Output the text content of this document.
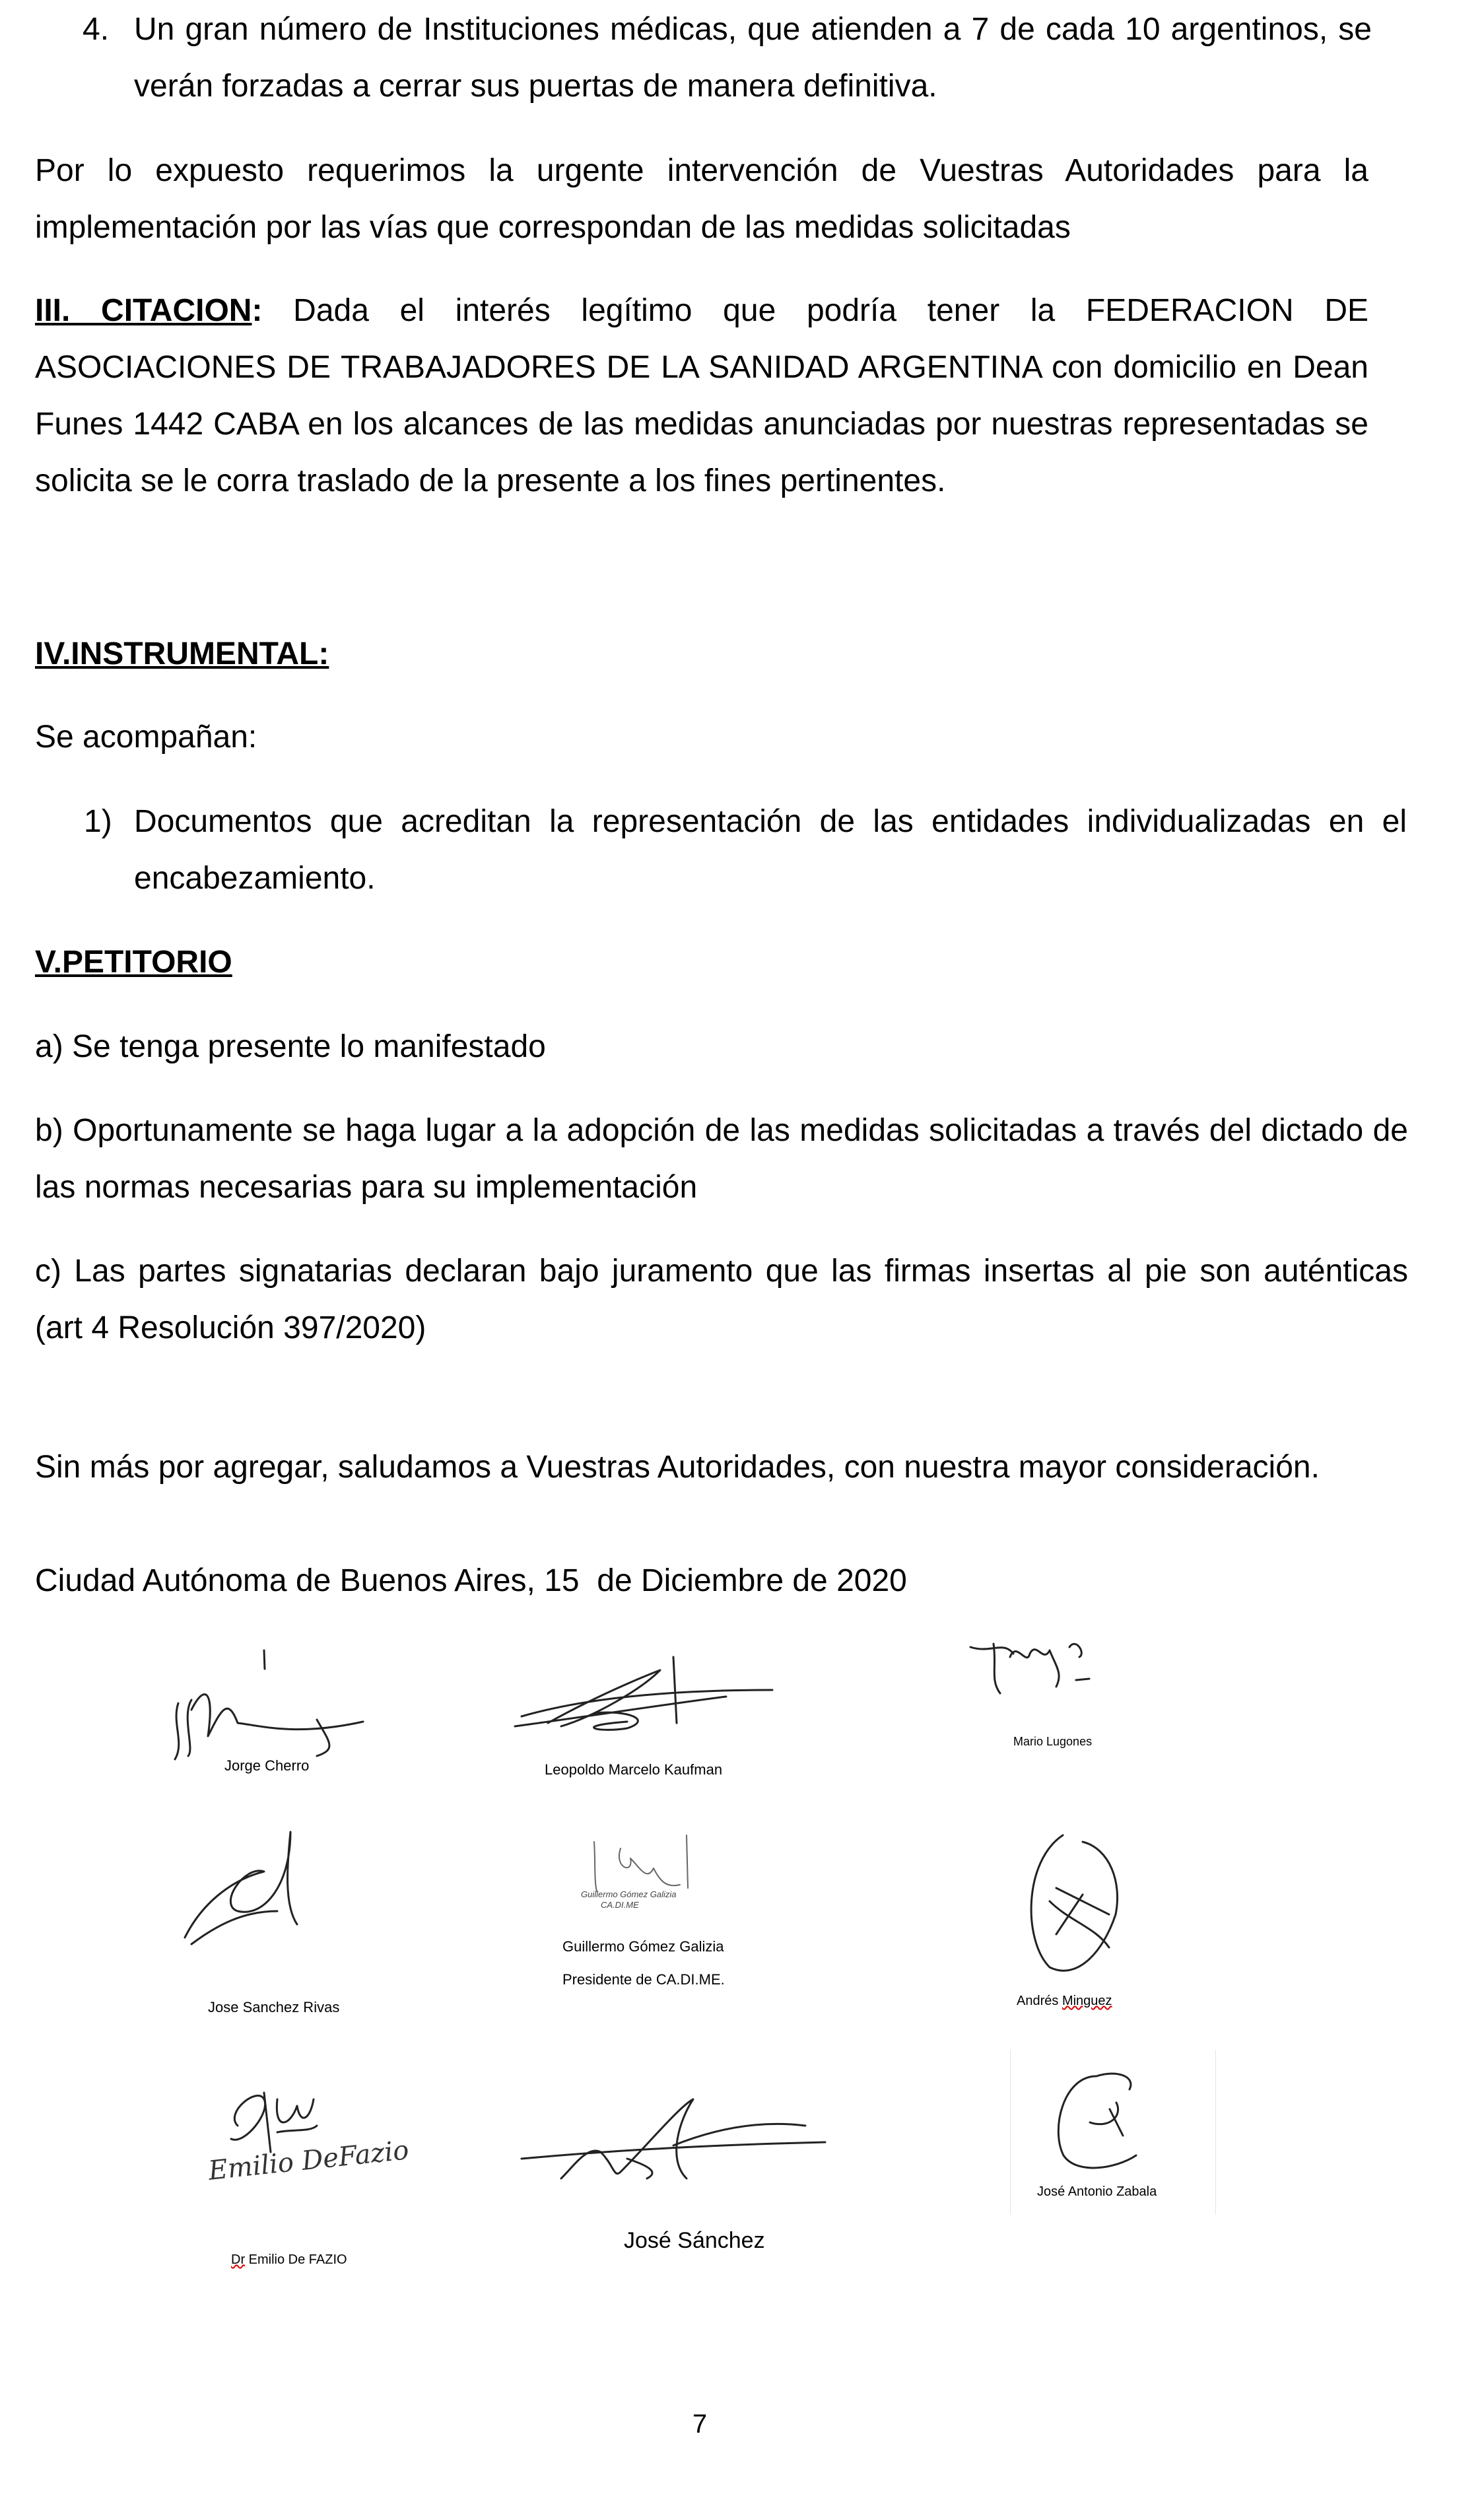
4. Un gran número de Instituciones médicas, que atienden a 7 de cada 10 argentinos, se verán forzadas a cerrar sus puertas de manera definitiva.
Por lo expuesto requerimos la urgente intervención de Vuestras Autoridades para la implementación por las vías que correspondan de las medidas solicitadas
III. CITACION: Dada el interés legítimo que podría tener la FEDERACION DE ASOCIACIONES DE TRABAJADORES DE LA SANIDAD ARGENTINA con domicilio en Dean Funes 1442 CABA en los alcances de las medidas anunciadas por nuestras representadas se solicita se le corra traslado de la presente a los fines pertinentes.
IV.INSTRUMENTAL:
Se acompañan:
1) Documentos que acreditan la representación de las entidades individualizadas en el encabezamiento.
V.PETITORIO
a) Se tenga presente lo manifestado
b) Oportunamente se haga lugar a la adopción de las medidas solicitadas a través del dictado de las normas necesarias para su implementación
c) Las partes signatarias declaran bajo juramento que las firmas insertas al pie son auténticas (art 4 Resolución 397/2020)
Sin más por agregar, saludamos a Vuestras Autoridades, con nuestra mayor consideración.
Ciudad Autónoma de Buenos Aires, 15  de Diciembre de 2020
Jorge Cherro	Leopoldo Marcelo Kaufman
Mario Lugones
Jose Sanchez Rivas
Guillermo Gómez Galizia
CA.DI.ME
Guillermo Gómez Galizia
Presidente de CA.DI.ME.
Andrés Minguez
Emilio DeFazio
Dr Emilio De FAZIO
José Sánchez
José Antonio Zabala
7
